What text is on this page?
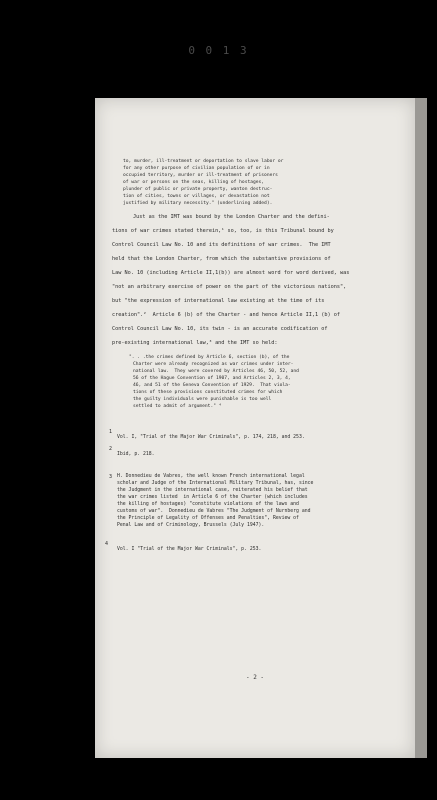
0 0 1 3
to, murder, ill-treatment or deportation to slave labor or
for any other purpose of civilian population of or in
occupied territory, murder or ill-treatment of prisoners
of war or persons on the seas, killing of hostages,
plunder of public or private property, wanton destruc-
tion of cities, towns or villages, or devastation not
justified by military necessity." (underlining added).
Just as the IMT was bound by the London Charter and the defini-
tions of war crimes stated therein,¹ so, too, is this Tribunal bound by
Control Council Law No. 10 and its definitions of war crimes.  The IMT
held that the London Charter, from which the substantive provisions of
Law No. 10 (including Article II,1(b)) are almost word for word derived, was
"not an arbitrary exercise of power on the part of the victorious nations",
but "the expression of international law existing at the time of its
creation".²  Article 6 (b) of the Charter - and hence Article II,1 (b) of
Control Council Law No. 10, its twin - is an accurate codification of
pre-existing international law,³ and the IMT so held:
". . .the crimes defined by Article 6, section (b), of the
Charter were already recognized as war crimes under inter-
national law.  They were covered by Articles 46, 50, 52, and
56 of the Hague Convention of 1907, and Articles 2, 3, 4,
46, and 51 of the Geneva Convention of 1929.  That viola-
tions of these provisions constituted crimes for which
the guilty individuals were punishable is too well
settled to admit of argument." ⁴
1
Vol. I, "Trial of the Major War Criminals", p. 174, 218, and 253.
2
Ibid, p. 218.
3 H. Donnedieu de Vabres, the well known French international legal
scholar and Judge of the International Military Tribunal, has, since
the Judgment in the international case, reiterated his belief that
the war crimes listed  in Article 6 of the Charter (which includes
the killing of hostages) "constitute violations of the laws and
customs of war".  Donnedieu de Vabres "The Judgment of Nurnberg and
the Principle of Legality of Offenses and Penalties", Review of
Penal Law and of Criminology, Brussels (July 1947).
4
Vol. I "Trial of the Major War Criminals", p. 253.
- 2 -
